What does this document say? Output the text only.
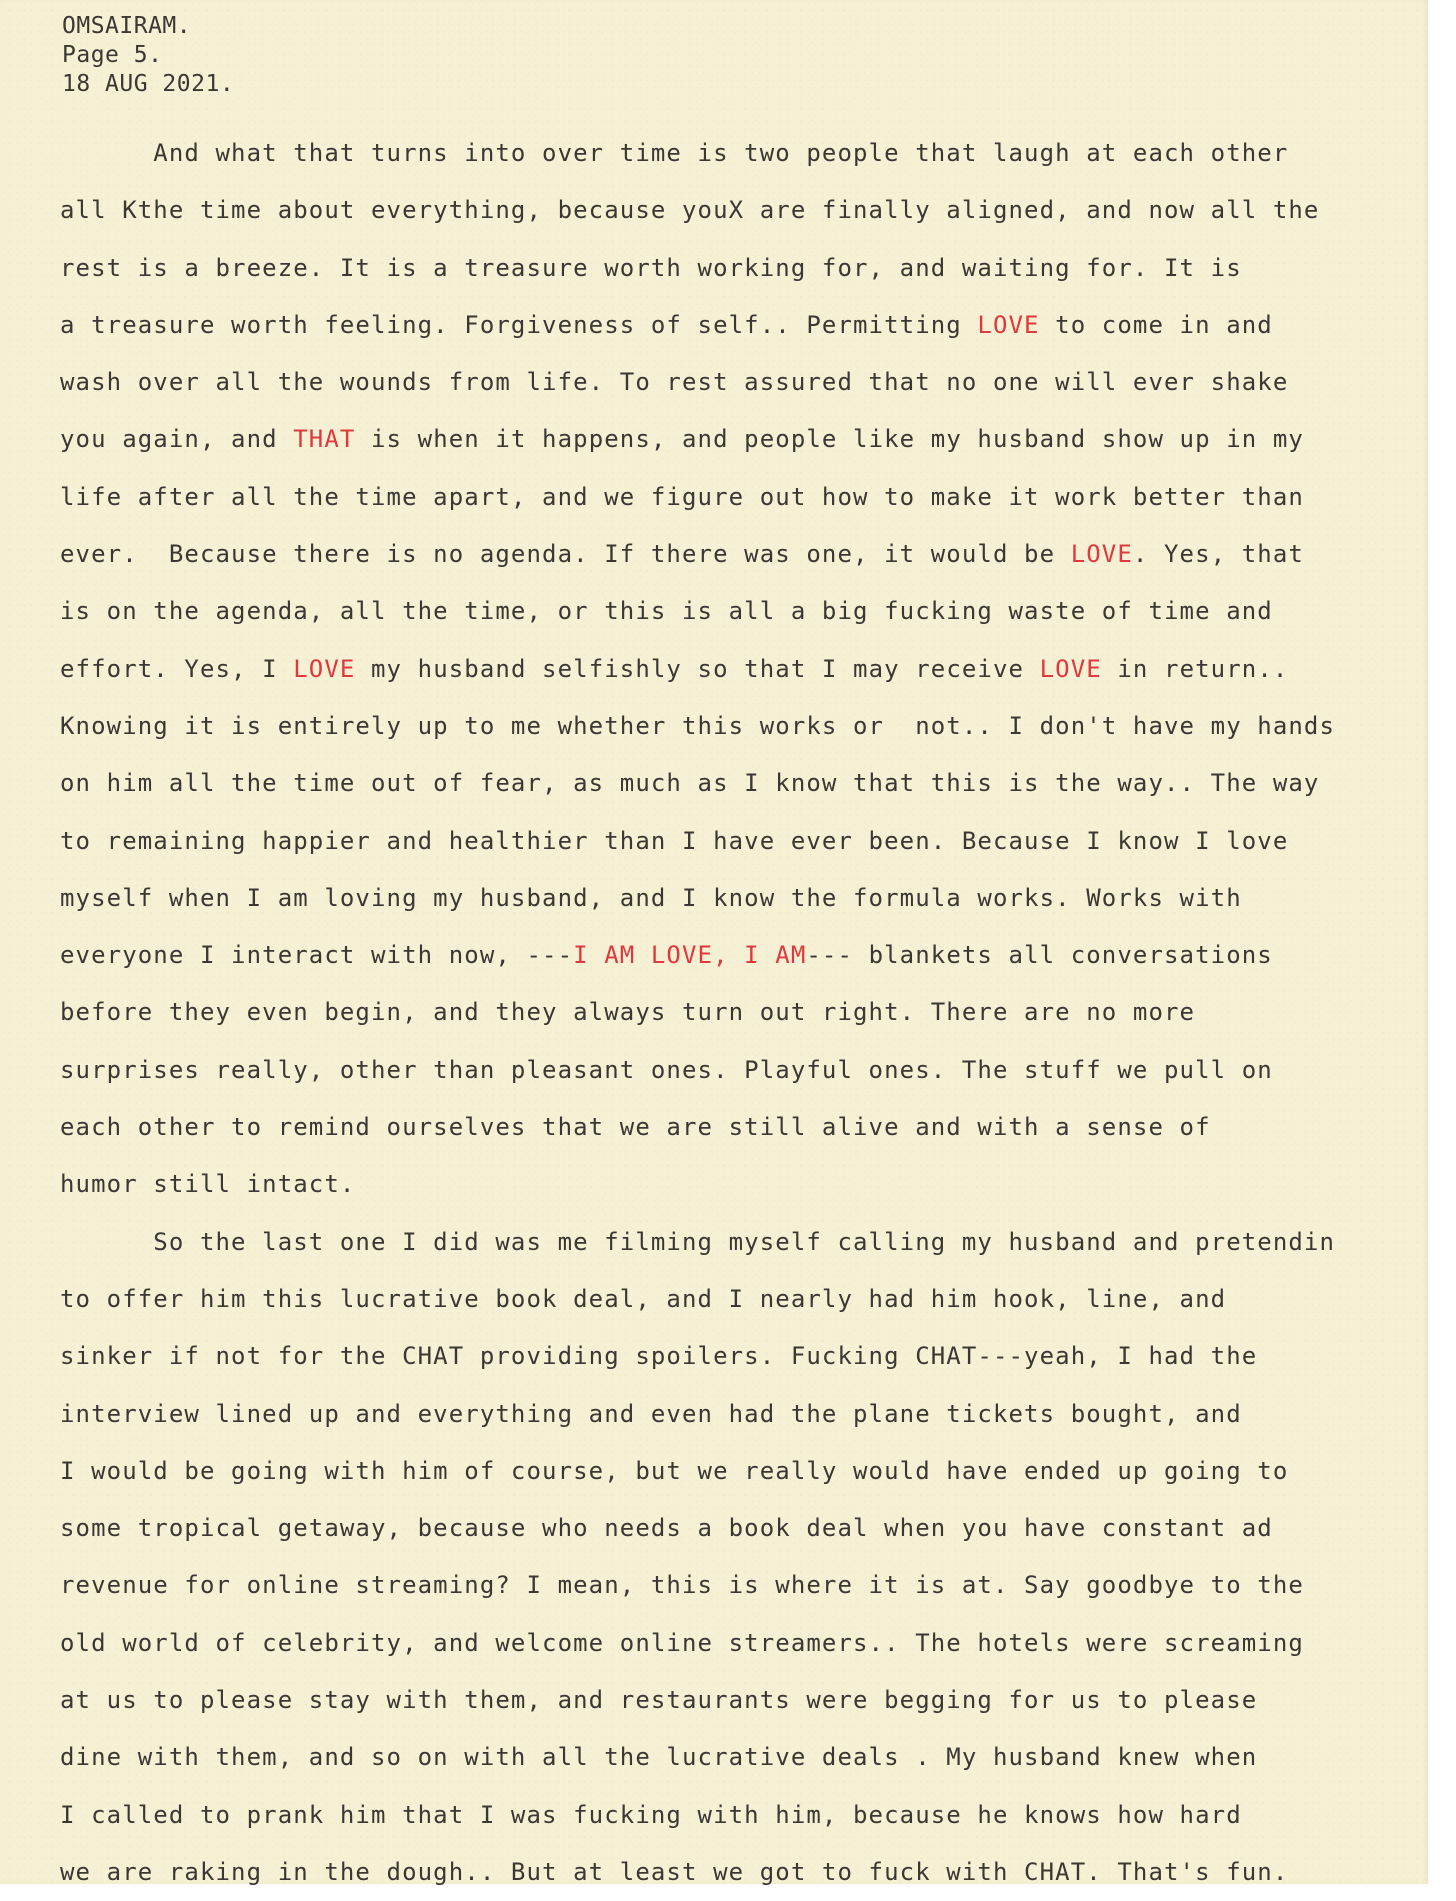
OMSAIRAM.
Page 5.
18 AUG 2021.
And what that turns into over time is two people that laugh at each other
all Kthe time about everything, because youX are finally aligned, and now all the
rest is a breeze. It is a treasure worth working for, and waiting for. It is
a treasure worth feeling. Forgiveness of self.. Permitting LOVE to come in and
wash over all the wounds from life. To rest assured that no one will ever shake
you again, and THAT is when it happens, and people like my husband show up in my
life after all the time apart, and we figure out how to make it work better than
ever.  Because there is no agenda. If there was one, it would be LOVE. Yes, that
is on the agenda, all the time, or this is all a big fucking waste of time and
effort. Yes, I LOVE my husband selfishly so that I may receive LOVE in return..
Knowing it is entirely up to me whether this works or  not.. I don't have my hands
on him all the time out of fear, as much as I know that this is the way.. The way
to remaining happier and healthier than I have ever been. Because I know I love
myself when I am loving my husband, and I know the formula works. Works with
everyone I interact with now, ---I AM LOVE, I AM--- blankets all conversations
before they even begin, and they always turn out right. There are no more
surprises really, other than pleasant ones. Playful ones. The stuff we pull on
each other to remind ourselves that we are still alive and with a sense of
humor still intact.
So the last one I did was me filming myself calling my husband and pretendin
to offer him this lucrative book deal, and I nearly had him hook, line, and
sinker if not for the CHAT providing spoilers. Fucking CHAT---yeah, I had the
interview lined up and everything and even had the plane tickets bought, and
I would be going with him of course, but we really would have ended up going to
some tropical getaway, because who needs a book deal when you have constant ad
revenue for online streaming? I mean, this is where it is at. Say goodbye to the
old world of celebrity, and welcome online streamers.. The hotels were screaming
at us to please stay with them, and restaurants were begging for us to please
dine with them, and so on with all the lucrative deals . My husband knew when
I called to prank him that I was fucking with him, because he knows how hard
we are raking in the dough.. But at least we got to fuck with CHAT. That's fun.
